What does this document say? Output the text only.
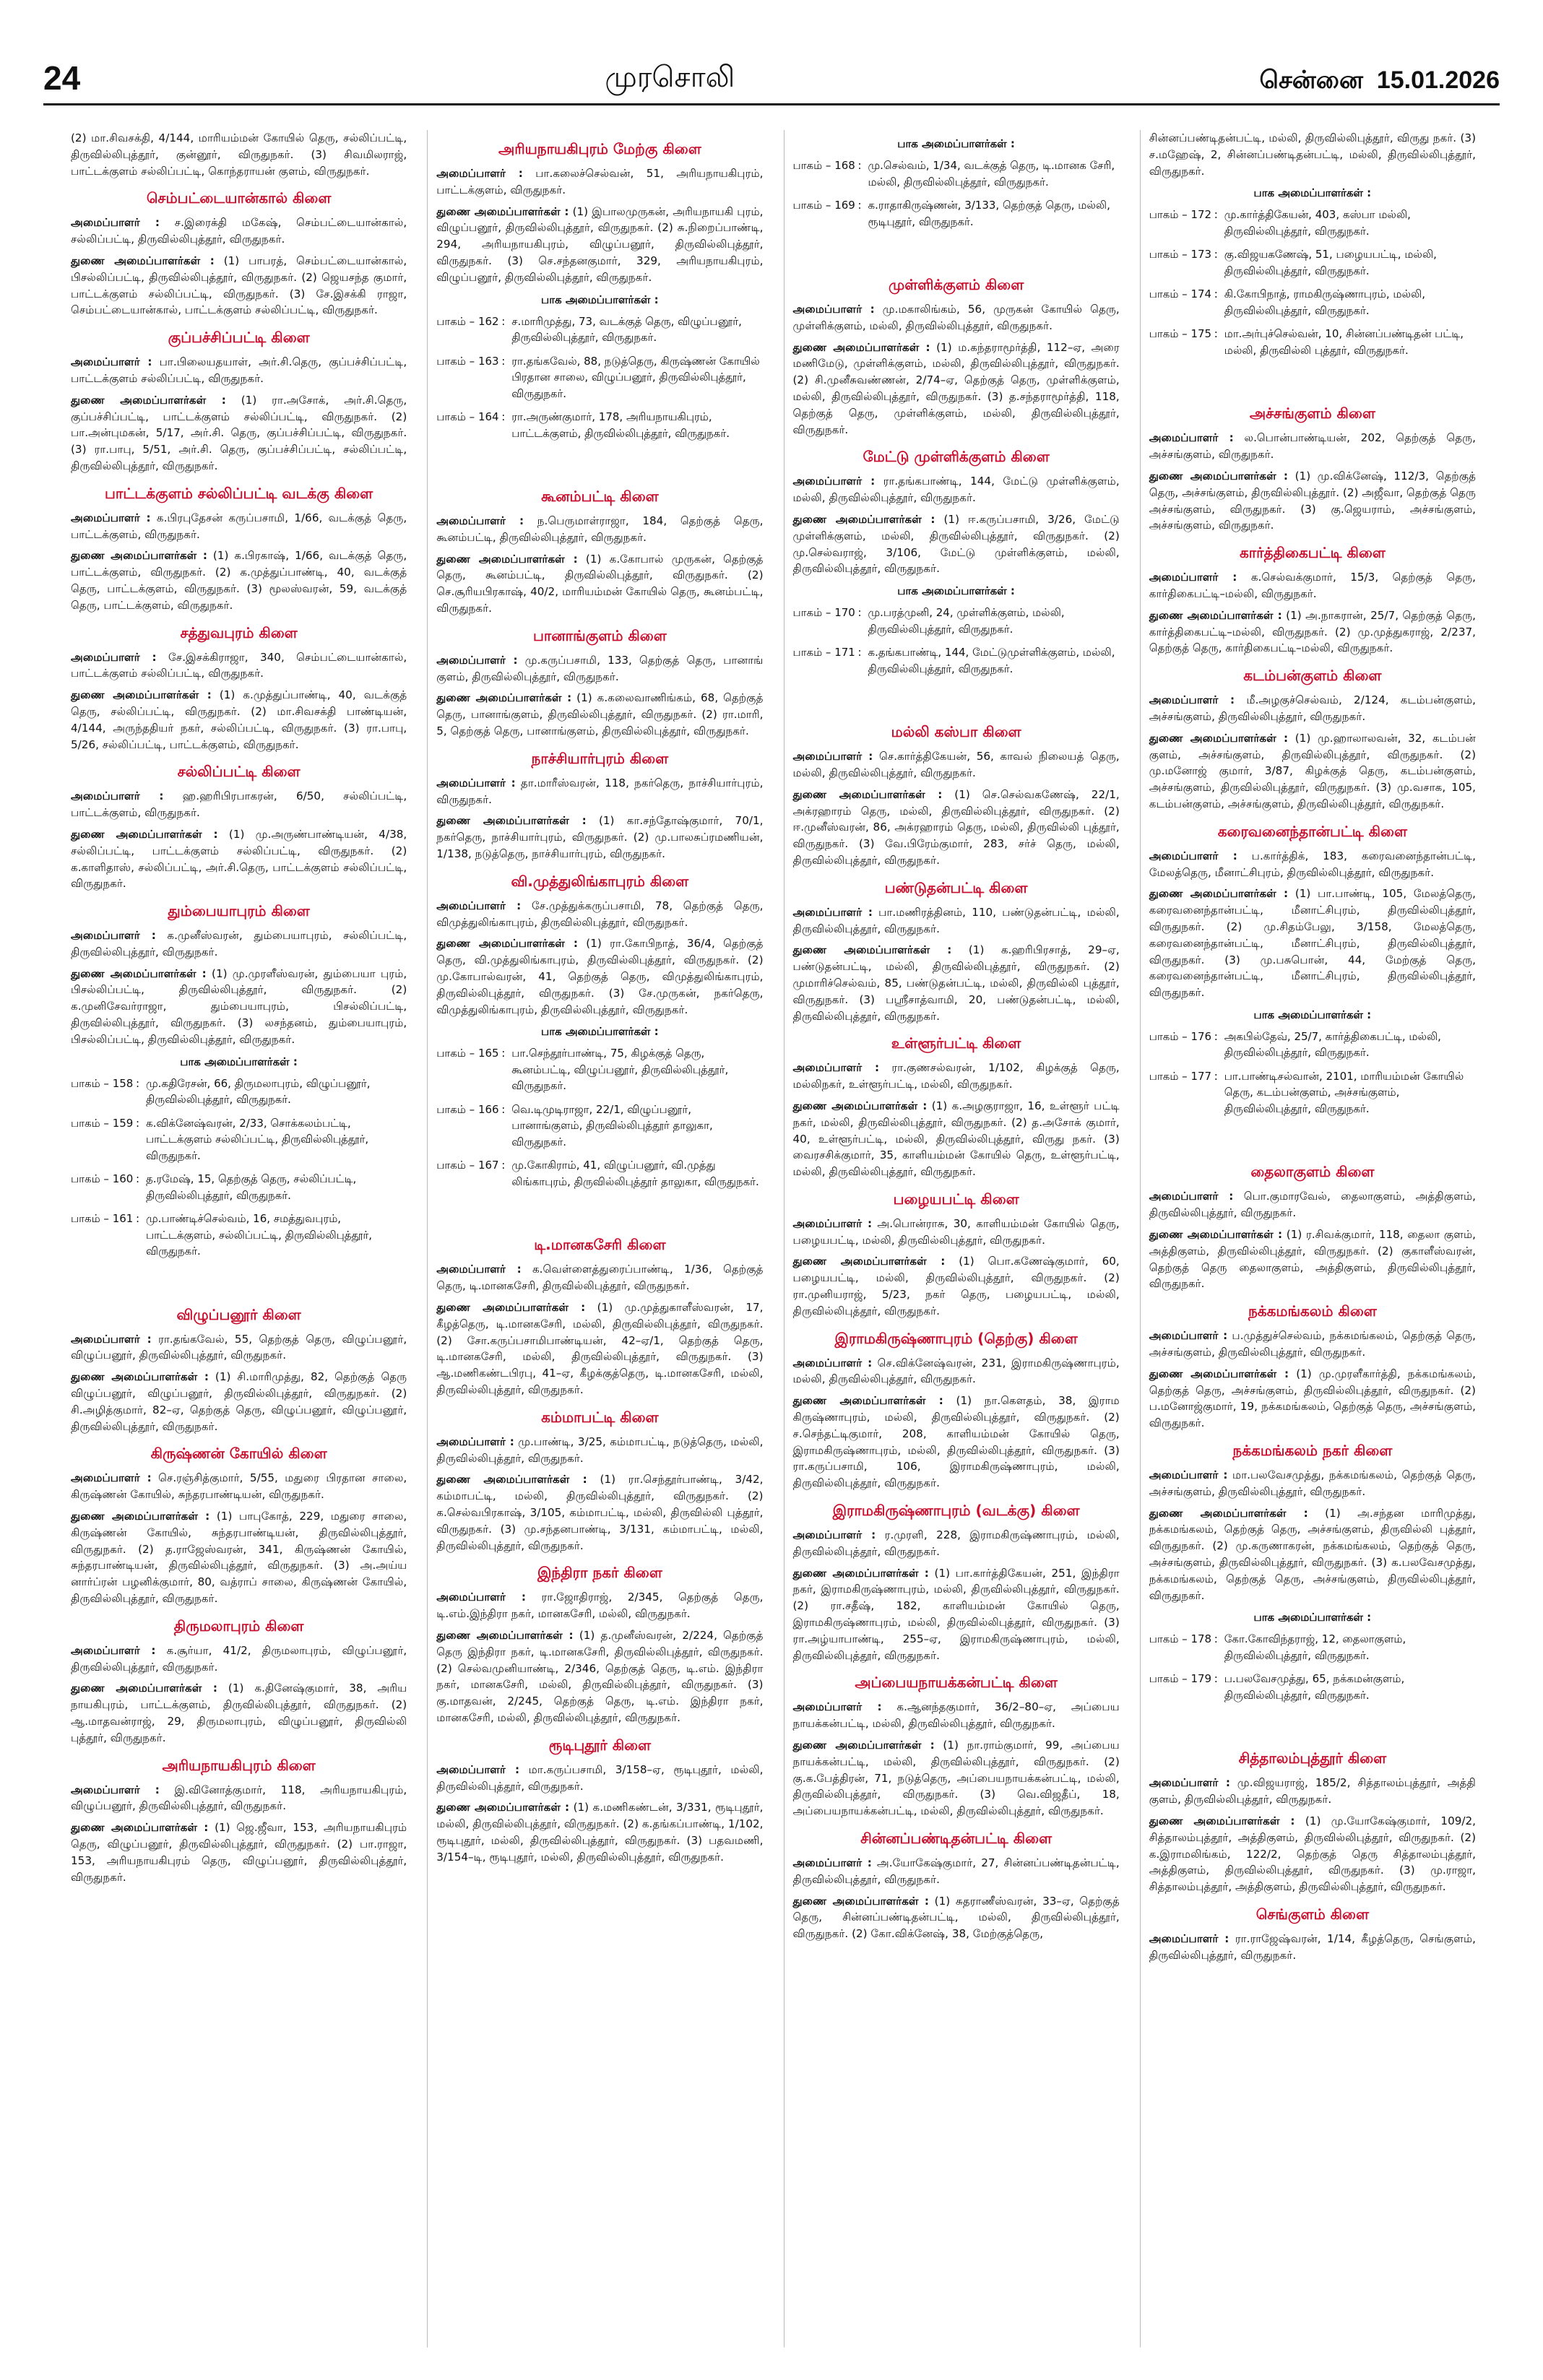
24	முரசொலி	சென்னை 15.01.2026

(2) மா.சிவசக்தி, 4/144, மாரியம்மன் கோயில் தெரு, சல்லிப்பட்டி, திருவில்லிபுத்தூர், குன்னூர், விருதுநகர். (3) சிவமிலராஜ், பாட்டக்குளம் சல்லிப்பட்டி, கொந்தராயன் குளம், விருதுநகர்.

செம்பட்டையான்கால் கிளை

அமைப்பாளர் : ச.இரைக்தி மகேஷ், செம்பட்டையான்கால், சல்லிப்பட்டி, திருவில்லிபுத்தூர், விருதுநகர்.

துணை அமைப்பாளர்கள் : (1) பாபரத், செம்பட்டையான்கால், பிசல்லிப்பட்டி, திருவில்லிபுத்தூர், விருதுநகர். (2) ஜெயசந்த குமார், பாட்டக்குளம் சல்லிப்பட்டி, விருதுநகர். (3) சே.இசக்கி ராஜா, செம்பட்டையான்கால், பாட்டக்குளம் சல்லிப்பட்டி, விருதுநகர்.

குப்பச்சிப்பட்டி கிளை

அமைப்பாளர் : பா.பிலையதயாள், அர்.சி.தெரு, குப்பச்சிப்பட்டி, பாட்டக்குளம் சல்லிப்பட்டி, விருதுநகர்.

துணை அமைப்பாளர்கள் : (1) ரா.அசோக், அர்.சி.தெரு, குப்பச்சிப்பட்டி, பாட்டக்குளம் சல்லிப்பட்டி, விருதுநகர். (2) பா.அன்புமகன், 5/17, அர்.சி. தெரு, குப்பச்சிப்பட்டி, விருதுநகர். (3) ரா.பாபு, 5/51, அர்.சி. தெரு, குப்பச்சிப்பட்டி, சல்லிப்பட்டி, திருவில்லிபுத்தூர், விருதுநகர்.

பாட்டக்குளம் சல்லிப்பட்டி வடக்கு கிளை

அமைப்பாளர் : க.பிரபுதேசன் கருப்பசாமி, 1/66, வடக்குத் தெரு, பாட்டக்குளம், விருதுநகர்.

துணை அமைப்பாளர்கள் : (1) க.பிரகாஷ், 1/66, வடக்குத் தெரு, பாட்டக்குளம், விருதுநகர். (2) க.முத்துப்பாண்டி, 40, வடக்குத் தெரு, பாட்டக்குளம், விருதுநகர். (3) மூலஸ்வரன், 59, வடக்குத் தெரு, பாட்டக்குளம், விருதுநகர்.

சத்துவபுரம் கிளை

அமைப்பாளர் : சே.இசக்கிராஜா, 340, செம்பட்டையான்கால், பாட்டக்குளம் சல்லிப்பட்டி, விருதுநகர்.

துணை அமைப்பாளர்கள் : (1) க.முத்துப்பாண்டி, 40, வடக்குத் தெரு, சல்லிப்பட்டி, விருதுநகர். (2) மா.சிவசக்தி பாண்டியன், 4/144, அருந்ததியர் நகர், சல்லிப்பட்டி, விருதுநகர். (3) ரா.பாபு, 5/26, சல்லிப்பட்டி, பாட்டக்குளம், விருதுநகர்.

சல்லிப்பட்டி கிளை

அமைப்பாளர் : ஹ.ஹரிபிரபாகரன், 6/50, சல்லிப்பட்டி, பாட்டக்குளம், விருதுநகர்.

துணை அமைப்பாளர்கள் : (1) மு.அருண்பாண்டியன், 4/38, சல்லிப்பட்டி, பாட்டக்குளம் சல்லிப்பட்டி, விருதுநகர். (2) க.காளிதாஸ், சல்லிப்பட்டி, அர்.சி.தெரு, பாட்டக்குளம் சல்லிப்பட்டி, விருதுநகர்.

தும்பையாபுரம் கிளை

அமைப்பாளர் : க.முனீஸ்வரன், தும்பையாபுரம், சல்லிப்பட்டி, திருவில்லிபுத்தூர், விருதுநகர்.

துணை அமைப்பாளர்கள் : (1) மு.முரளீஸ்வரன், தும்பையா புரம், பிசல்லிப்பட்டி, திருவில்லிபுத்தூர், விருதுநகர். (2) க.முனிசேவர்ராஜா, தும்பையாபுரம், பிசல்லிப்பட்டி, திருவில்லிபுத்தூர், விருதுநகர். (3) லசந்தனம், தும்பையாபுரம், பிசல்லிப்பட்டி, திருவில்லிபுத்தூர், விருதுநகர்.

பாக அமைப்பாளர்கள் :
பாகம் – 158 : மு.கதிரேசன், 66, திருமலாபுரம், விழுப்பனூர், திருவில்லிபுத்தூர், விருதுநகர்.
பாகம் – 159 : க.விக்னேஷ்வரன், 2/33, சொக்கலம்பட்டி, பாட்டக்குளம் சல்லிப்பட்டி, திருவில்லிபுத்தூர், விருதுநகர்.
பாகம் – 160 : த.ரமேஷ், 15, தெற்குத் தெரு, சல்லிப்பட்டி, திருவில்லிபுத்தூர், விருதுநகர்.
பாகம் – 161 : மு.பாண்டிச்செல்வம், 16, சமத்துவபுரம், பாட்டக்குளம், சல்லிப்பட்டி, திருவில்லிபுத்தூர், விருதுநகர்.
விழுப்பனூர் கிளை

அமைப்பாளர் : ரா.தங்கவேல், 55, தெற்குத் தெரு, விழுப்பனூர், விழுப்பனூர், திருவில்லிபுத்தூர், விருதுநகர்.

துணை அமைப்பாளர்கள் : (1) சி.மாரிமுத்து, 82, தெற்குத் தெரு விழுப்பனூர், விழுப்பனூர், திருவில்லிபுத்தூர், விருதுநகர். (2) சி.அழித்குமார், 82–ஏ, தெற்குத் தெரு, விழுப்பனூர், விழுப்பனூர், திருவில்லிபுத்தூர், விருதுநகர்.

கிருஷ்ணன் கோயில் கிளை

அமைப்பாளர் : செ.ரஞ்சித்குமார், 5/55, மதுரை பிரதான சாலை, கிருஷ்ணன் கோயில், சுந்தரபாண்டியன், விருதுநகர்.

துணை அமைப்பாளர்கள் : (1) பாபுகோத், 229, மதுரை சாலை, கிருஷ்ணன் கோயில், சுந்தரபாண்டியன், திருவில்லிபுத்தூர், விருதுநகர். (2) த.ராஜேஸ்வரன், 341, கிருஷ்ணன் கோயில், சுந்தரபாண்டியன், திருவில்லிபுத்தூர், விருதுநகர். (3) அ.அய்ய னார்ப்ரன் பழனிக்குமார், 80, வத்ராப் சாலை, கிருஷ்ணன் கோயில், திருவில்லிபுத்தூர், விருதுநகர்.

திருமலாபுரம் கிளை

அமைப்பாளர் : க.சூர்யா, 41/2, திருமலாபுரம், விழுப்பனூர், திருவில்லிபுத்தூர், விருதுநகர்.

துணை அமைப்பாளர்கள் : (1) க.தினேஷ்குமார், 38, அரிய நாயகிபுரம், பாட்டக்குளம், திருவில்லிபுத்தூர், விருதுநகர். (2) ஆ.மாதவன்ராஜ், 29, திருமலாபுரம், விழுப்பனூர், திருவில்லி புத்தூர், விருதுநகர்.

அரியநாயகிபுரம் கிளை

அமைப்பாளர் : இ.வினோத்குமார், 118, அரியநாயகிபுரம், விழுப்பனூர், திருவில்லிபுத்தூர், விருதுநகர்.

துணை அமைப்பாளர்கள் : (1) ஜெ.ஜீவா, 153, அரியநாயகிபுரம் தெரு, விழுப்பனூர், திருவில்லிபுத்தூர், விருதுநகர். (2) பா.ராஜா, 153, அரியநாயகிபுரம் தெரு, விழுப்பனூர், திருவில்லிபுத்தூர், விருதுநகர்.

அரியநாயகிபுரம் மேற்கு கிளை

அமைப்பாளர் : பா.கலைச்செல்வன், 51, அரியநாயகிபுரம், பாட்டக்குளம், விருதுநகர்.

துணை அமைப்பாளர்கள் : (1) இபாலமுருகன், அரியநாயகி புரம், விழுப்பனூர், திருவில்லிபுத்தூர், விருதுநகர். (2) சு.நிறைப்பாண்டி, 294, அரியநாயகிபுரம், விழுப்பனூர், திருவில்லிபுத்தூர், விருதுநகர். (3) செ.சந்தனகுமார், 329, அரியநாயகிபுரம், விழுப்பனூர், திருவில்லிபுத்தூர், விருதுநகர்.

பாக அமைப்பாளர்கள் :
பாகம் – 162 : ச.மாரிமுத்து, 73, வடக்குத் தெரு, விழுப்பனூர், திருவில்லிபுத்தூர், விருதுநகர்.
பாகம் – 163 : ரா.தங்கவேல், 88, நடுத்தெரு, கிருஷ்ணன் கோயில் பிரதான சாலை, விழுப்பனூர், திருவில்லிபுத்தூர், விருதுநகர்.
பாகம் – 164 : ரா.அருண்குமார், 178, அரியநாயகிபுரம், பாட்டக்குளம், திருவில்லிபுத்தூர், விருதுநகர்.
கூனம்பட்டி கிளை

அமைப்பாளர் : ந.பெருமாள்ராஜா, 184, தெற்குத் தெரு, கூனம்பட்டி, திருவில்லிபுத்தூர், விருதுநகர்.

துணை அமைப்பாளர்கள் : (1) க.கோபால் முருகன், தெற்குத் தெரு, கூனம்பட்டி, திருவில்லிபுத்தூர், விருதுநகர். (2) செ.சூரியபிரகாஷ், 40/2, மாரியம்மன் கோயில் தெரு, கூனம்பட்டி, விருதுநகர்.

பானாங்குளம் கிளை

அமைப்பாளர் : மு.கருப்பசாமி, 133, தெற்குத் தெரு, பானாங் குளம், திருவில்லிபுத்தூர், விருதுநகர்.

துணை அமைப்பாளர்கள் : (1) க.கலைவாணிங்கம், 68, தெற்குத் தெரு, பானாங்குளம், திருவில்லிபுத்தூர், விருதுநகர். (2) ரா.மாரி, 5, தெற்குத் தெரு, பானாங்குளம், திருவில்லிபுத்தூர், விருதுநகர்.

நாச்சியார்புரம் கிளை

அமைப்பாளர் : தா.மாரீஸ்வரன், 118, நகர்தெரு, நாச்சியார்புரம், விருதுநகர்.

துணை அமைப்பாளர்கள் : (1) கா.சந்தோஷ்குமார், 70/1, நகர்தெரு, நாச்சியார்புரம், விருதுநகர். (2) மு.பாலசுப்ரமணியன், 1/138, நடுத்தெரு, நாச்சியார்புரம், விருதுநகர்.

வி.முத்துலிங்காபுரம் கிளை

அமைப்பாளர் : சே.முத்துக்கருப்பசாமி, 78, தெற்குத் தெரு, விமுத்துலிங்காபுரம், திருவில்லிபுத்தூர், விருதுநகர்.

துணை அமைப்பாளர்கள் : (1) ரா.கோபிநாத், 36/4, தெற்குத் தெரு, வி.முத்துலிங்காபுரம், திருவில்லிபுத்தூர், விருதுநகர். (2) மு.கோபால்வரன், 41, தெற்குத் தெரு, விமுத்துலிங்காபுரம், திருவில்லிபுத்தூர், விருதுநகர். (3) சே.முருகன், நகர்தெரு, விமுத்துலிங்காபுரம், திருவில்லிபுத்தூர், விருதுநகர்.

பாக அமைப்பாளர்கள் :
பாகம் – 165 : பா.செந்தூர்பாண்டி, 75, கிழக்குத் தெரு, கூனம்பட்டி, விழுப்பனூர், திருவில்லிபுத்தூர், விருதுநகர்.
பாகம் – 166 : வெ.டிமுடிராஜா, 22/1, விழுப்பனூர், பானாங்குளம், திருவில்லிபுத்தூர் தாலுகா, விருதுநகர்.
பாகம் – 167 : மு.கோகிராம், 41, விழுப்பனூர், வி.முத்து லிங்காபுரம், திருவில்லிபுத்தூர் தாலுகா, விருதுநகர்.
டி.மானகசேரி கிளை

அமைப்பாளர் : க.வெள்ளைத்துரைப்பாண்டி, 1/36, தெற்குத் தெரு, டி.மானகசேரி, திருவில்லிபுத்தூர், விருதுநகர்.

துணை அமைப்பாளர்கள் : (1) மு.முத்துகாளீஸ்வரன், 17, கீழத்தெரு, டி.மானகசேரி, மல்லி, திருவில்லிபுத்தூர், விருதுநகர். (2) சோ.கருப்பசாமிபாண்டியன், 42–ஏ/1, தெற்குத் தெரு, டி.மானகசேரி, மல்லி, திருவில்லிபுத்தூர், விருதுநகர். (3) ஆ.மணிகண்டபிரபு, 41–ஏ, கீழக்குத்தெரு, டி.மானகசேரி, மல்லி, திருவில்லிபுத்தூர், விருதுநகர்.

கம்மாபட்டி கிளை

அமைப்பாளர் : மு.பாண்டி, 3/25, கம்மாபட்டி, நடுத்தெரு, மல்லி, திருவில்லிபுத்தூர், விருதுநகர்.

துணை அமைப்பாளர்கள் : (1) ரா.செந்தூர்பாண்டி, 3/42, கம்மாபட்டி, மல்லி, திருவில்லிபுத்தூர், விருதுநகர். (2) க.செல்வபிரகாஷ், 3/105, கம்மாபட்டி, மல்லி, திருவில்லி புத்தூர், விருதுநகர். (3) மு.சந்தனபாண்டி, 3/131, கம்மாபட்டி, மல்லி, திருவில்லிபுத்தூர், விருதுநகர்.

இந்திரா நகர் கிளை

அமைப்பாளர் : ரா.ஜோதிராஜ், 2/345, தெற்குத் தெரு, டி.எம்.இந்திரா நகர், மானகசேரி, மல்லி, விருதுநகர்.

துணை அமைப்பாளர்கள் : (1) த.முனீஸ்வரன், 2/224, தெற்குத் தெரு இந்திரா நகர், டி.மானகசேரி, திருவில்லிபுத்தூர், விருதுநகர். (2) செல்வமுனியாண்டி, 2/346, தெற்குத் தெரு, டி.எம். இந்திரா நகர், மானகசேரி, மல்லி, திருவில்லிபுத்தூர், விருதுநகர். (3) கு.மாதவன், 2/245, தெற்குத் தெரு, டி.எம். இந்திரா நகர், மானகசேரி, மல்லி, திருவில்லிபுத்தூர், விருதுநகர்.

ரூடிபுதூர் கிளை

அமைப்பாளர் : மா.கருப்பசாமி, 3/158–ஏ, ரூடிபுதூர், மல்லி, திருவில்லிபுத்தூர், விருதுநகர்.

துணை அமைப்பாளர்கள் : (1) க.மணிகண்டன், 3/331, ரூடிபுதூர், மல்லி, திருவில்லிபுத்தூர், விருதுநகர். (2) க.தங்கப்பாண்டி, 1/102, ரூடிபுதூர், மல்லி, திருவில்லிபுத்தூர், விருதுநகர். (3) பதவமணி, 3/154–டி, ரூடிபுதூர், மல்லி, திருவில்லிபுத்தூர், விருதுநகர்.

பாக அமைப்பாளர்கள் :
பாகம் – 168 : மு.செல்வம், 1/34, வடக்குத் தெரு, டி.மானக சேரி, மல்லி, திருவில்லிபுத்தூர், விருதுநகர்.
பாகம் – 169 : க.ராதாகிருஷ்ணன், 3/133, தெற்குத் தெரு, மல்லி, ரூடிபுதூர், விருதுநகர்.
முள்ளிக்குளம் கிளை

அமைப்பாளர் : மு.மகாலிங்கம், 56, முருகன் கோயில் தெரு, முள்ளிக்குளம், மல்லி, திருவில்லிபுத்தூர், விருதுநகர்.

துணை அமைப்பாளர்கள் : (1) ம.கந்தராமூர்த்தி, 112–ஏ, அரை மணிமேடு, முள்ளிக்குளம், மல்லி, திருவில்லிபுத்தூர், விருதுநகர். (2) சி.முனீசுவண்ணன், 2/74–ஏ, தெற்குத் தெரு, முள்ளிக்குளம், மல்லி, திருவில்லிபுத்தூர், விருதுநகர். (3) த.சந்தராமூர்த்தி, 118, தெற்குத் தெரு, முள்ளிக்குளம், மல்லி, திருவில்லிபுத்தூர், விருதுநகர்.

மேட்டு முள்ளிக்குளம் கிளை

அமைப்பாளர் : ரா.தங்கபாண்டி, 144, மேட்டு முள்ளிக்குளம், மல்லி, திருவில்லிபுத்தூர், விருதுநகர்.

துணை அமைப்பாளர்கள் : (1) ஈ.கருப்பசாமி, 3/26, மேட்டு முள்ளிக்குளம், மல்லி, திருவில்லிபுத்தூர், விருதுநகர். (2) மு.செல்வராஜ், 3/106, மேட்டு முள்ளிக்குளம், மல்லி, திருவில்லிபுத்தூர், விருதுநகர்.

பாக அமைப்பாளர்கள் :
பாகம் – 170 : மு.பரத்முனி, 24, முள்ளிக்குளம், மல்லி, திருவில்லிபுத்தூர், விருதுநகர்.
பாகம் – 171 : க.தங்கபாண்டி, 144, மேட்டுமுள்ளிக்குளம், மல்லி, திருவில்லிபுத்தூர், விருதுநகர்.
மல்லி கஸ்பா கிளை

அமைப்பாளர் : செ.கார்த்திகேயன், 56, காவல் நிலையத் தெரு, மல்லி, திருவில்லிபுத்தூர், விருதுநகர்.

துணை அமைப்பாளர்கள் : (1) செ.செல்வகணேஷ், 22/1, அக்ரஹாரம் தெரு, மல்லி, திருவில்லிபுத்தூர், விருதுநகர். (2) ஈ.முனீஸ்வரன், 86, அக்ரஹாரம் தெரு, மல்லி, திருவில்லி புத்தூர், விருதுநகர். (3) வே.பிரேம்குமார், 283, சர்ச் தெரு, மல்லி, திருவில்லிபுத்தூர், விருதுநகர்.

பண்டுதன்பட்டி கிளை

அமைப்பாளர் : பா.மணிரத்தினம், 110, பண்டுதன்பட்டி, மல்லி, திருவில்லிபுத்தூர், விருதுநகர்.

துணை அமைப்பாளர்கள் : (1) க.ஹரிபிரசாத், 29–ஏ, பண்டுதன்பட்டி, மல்லி, திருவில்லிபுத்தூர், விருதுநகர். (2) முமாரிச்செல்வம், 85, பண்டுதன்பட்டி, மல்லி, திருவில்லி புத்தூர், விருதுநகர். (3) பஸ்ரீசாத்வாமி, 20, பண்டுதன்பட்டி, மல்லி, திருவில்லிபுத்தூர், விருதுநகர்.

உள்ளூர்பட்டி கிளை

அமைப்பாளர் : ரா.குணசல்வரன், 1/102, கிழக்குத் தெரு, மல்லிநகர், உள்ளூர்பட்டி, மல்லி, விருதுநகர்.

துணை அமைப்பாளர்கள் : (1) க.அழகுராஜா, 16, உள்ளூர் பட்டி நகர், மல்லி, திருவில்லிபுத்தூர், விருதுநகர். (2) த.அசோக் குமார், 40, உள்ளூர்பட்டி, மல்லி, திருவில்லிபுத்தூர், விருது நகர். (3) வைரசசிக்குமார், 35, காளியம்மன் கோயில் தெரு, உள்ளூர்பட்டி, மல்லி, திருவில்லிபுத்தூர், விருதுநகர்.

பழையபட்டி கிளை

அமைப்பாளர் : அ.பொன்ராசு, 30, காளியம்மன் கோயில் தெரு, பழையபட்டி, மல்லி, திருவில்லிபுத்தூர், விருதுநகர்.

துணை அமைப்பாளர்கள் : (1) பொ.கணேஷ்குமார், 60, பழையபட்டி, மல்லி, திருவில்லிபுத்தூர், விருதுநகர். (2) ரா.முனியராஜ், 5/23, நகர் தெரு, பழையபட்டி, மல்லி, திருவில்லிபுத்தூர், விருதுநகர்.

இராமகிருஷ்ணாபுரம் (தெற்கு) கிளை

அமைப்பாளர் : செ.விக்னேஷ்வரன், 231, இராமகிருஷ்ணாபுரம், மல்லி, திருவில்லிபுத்தூர், விருதுநகர்.

துணை அமைப்பாளர்கள் : (1) நா.கௌதம், 38, இராம கிருஷ்ணாபுரம், மல்லி, திருவில்லிபுத்தூர், விருதுநகர். (2) ச.செந்தட்டிகுமார், 208, காளியம்மன் கோயில் தெரு, இராமகிருஷ்ணாபுரம், மல்லி, திருவில்லிபுத்தூர், விருதுநகர். (3) ரா.கருப்பசாமி, 106, இராமகிருஷ்ணாபுரம், மல்லி, திருவில்லிபுத்தூர், விருதுநகர்.

இராமகிருஷ்ணாபுரம் (வடக்கு) கிளை

அமைப்பாளர் : ர.முரளி, 228, இராமகிருஷ்ணாபுரம், மல்லி, திருவில்லிபுத்தூர், விருதுநகர்.

துணை அமைப்பாளர்கள் : (1) பா.கார்த்திகேயன், 251, இந்திரா நகர், இராமகிருஷ்ணாபுரம், மல்லி, திருவில்லிபுத்தூர், விருதுநகர். (2) ரா.சதீஷ், 182, காளியம்மன் கோயில் தெரு, இராமகிருஷ்ணாபுரம், மல்லி, திருவில்லிபுத்தூர், விருதுநகர். (3) ரா.அழ்யாபாண்டி, 255–ஏ, இராமகிருஷ்ணாபுரம், மல்லி, திருவில்லிபுத்தூர், விருதுநகர்.

அப்பையநாயக்கன்பட்டி கிளை

அமைப்பாளர் : க.ஆனந்தகுமார், 36/2–80–ஏ, அப்பைய நாயக்கன்பட்டி, மல்லி, திருவில்லிபுத்தூர், விருதுநகர்.

துணை அமைப்பாளர்கள் : (1) நா.ராம்குமார், 99, அப்பைய நாயக்கன்பட்டி, மல்லி, திருவில்லிபுத்தூர், விருதுநகர். (2) கு.க.பேத்திரன், 71, நடுத்தெரு, அப்பையநாயக்கன்பட்டி, மல்லி, திருவில்லிபுத்தூர், விருதுநகர். (3) வெ.விஜதீப், 18, அப்பையநாயக்கன்பட்டி, மல்லி, திருவில்லிபுத்தூர், விருதுநகர்.

சின்னப்பண்டிதன்பட்டி கிளை

அமைப்பாளர் : அ.யோகேஷ்குமார், 27, சின்னப்பண்டிதன்பட்டி, திருவில்லிபுத்தூர், விருதுநகர்.

துணை அமைப்பாளர்கள் : (1) சுதராணீஸ்வரன், 33–ஏ, தெற்குத் தெரு, சின்னப்பண்டிதன்பட்டி, மல்லி, திருவில்லிபுத்தூர், விருதுநகர். (2) கோ.விக்னேஷ், 38, மேற்குத்தெரு,

சின்னப்பண்டிதன்பட்டி, மல்லி, திருவில்லிபுத்தூர், விருது நகர். (3) ச.மஹேஷ், 2, சின்னப்பண்டிதன்பட்டி, மல்லி, திருவில்லிபுத்தூர், விருதுநகர்.

பாக அமைப்பாளர்கள் :
பாகம் – 172 : மு.கார்த்திகேயன், 403, கஸ்பா மல்லி, திருவில்லிபுத்தூர், விருதுநகர்.
பாகம் – 173 : கு.விஜயகணேஷ், 51, பழையபட்டி, மல்லி, திருவில்லிபுத்தூர், விருதுநகர்.
பாகம் – 174 : கி.கோபிநாத், ராமகிருஷ்ணாபுரம், மல்லி, திருவில்லிபுத்தூர், விருதுநகர்.
பாகம் – 175 : மா.அர்புச்செல்வன், 10, சின்னப்பண்டிதன் பட்டி, மல்லி, திருவில்லி புத்தூர், விருதுநகர்.
அச்சங்குளம் கிளை

அமைப்பாளர் : ல.பொன்பாண்டியன், 202, தெற்குத் தெரு, அச்சங்குளம், விருதுநகர்.

துணை அமைப்பாளர்கள் : (1) மு.விக்னேஷ், 112/3, தெற்குத் தெரு, அச்சங்குளம், திருவில்லிபுத்தூர். (2) அஜீவா, தெற்குத் தெரு அச்சங்குளம், விருதுநகர். (3) கு.ஜெயராம், அச்சங்குளம், அச்சங்குளம், விருதுநகர்.

கார்த்திகைபட்டி கிளை

அமைப்பாளர் : க.செல்வக்குமார், 15/3, தெற்குத் தெரு, கார்திகைபட்டி–மல்லி, விருதுநகர்.

துணை அமைப்பாளர்கள் : (1) அ.நாகரான், 25/7, தெற்குத் தெரு, கார்த்திகைபட்டி–மல்லி, விருதுநகர். (2) மு.முத்துகராஜ், 2/237, தெற்குத் தெரு, கார்திகைபட்டி–மல்லி, விருதுநகர்.

கடம்பன்குளம் கிளை

அமைப்பாளர் : மீ.அழகுச்செல்வம், 2/124, கடம்பன்குளம், அச்சங்குளம், திருவில்லிபுத்தூர், விருதுநகர்.

துணை அமைப்பாளர்கள் : (1) மு.ஹாலாலவன், 32, கடம்பன் குளம், அச்சங்குளம், திருவில்லிபுத்தூர், விருதுநகர். (2) மு.மனோஜ் குமார், 3/87, கிழக்குத் தெரு, கடம்பன்குளம், அச்சங்குளம், திருவில்லிபுத்தூர், விருதுநகர். (3) மு.வசாக, 105, கடம்பன்குளம், அச்சங்குளம், திருவில்லிபுத்தூர், விருதுநகர்.

கரைவனைந்தான்பட்டி கிளை

அமைப்பாளர் : ப.கார்த்திக், 183, கரைவனைந்தான்பட்டி, மேலத்தெரு, மீனாட்சிபுரம், திருவில்லிபுத்தூர், விருதுநகர்.

துணை அமைப்பாளர்கள் : (1) பா.பாண்டி, 105, மேலத்தெரு, கரைவனைந்தான்பட்டி, மீனாட்சிபுரம், திருவில்லிபுத்தூர், விருதுநகர். (2) மு.சிதம்பேலு, 3/158, மேலத்தெரு, கரைவனைந்தான்பட்டி, மீனாட்சிபுரம், திருவில்லிபுத்தூர், விருதுநகர். (3) மு.பசுபொன், 44, மேற்குத் தெரு, கரைவனைந்தான்பட்டி, மீனாட்சிபுரம், திருவில்லிபுத்தூர், விருதுநகர்.

பாக அமைப்பாளர்கள் :
பாகம் – 176 : அகபில்தேவ், 25/7, கார்த்திகைபட்டி, மல்லி, திருவில்லிபுத்தூர், விருதுநகர்.
பாகம் – 177 : பா.பாண்டிசல்வான், 2101, மாரியம்மன் கோயில் தெரு, கடம்பன்குளம், அச்சங்குளம், திருவில்லிபுத்தூர், விருதுநகர்.
தைலாகுளம் கிளை

அமைப்பாளர் : பொ.குமாரவேல், தைலாகுளம், அத்திகுளம், திருவில்லிபுத்தூர், விருதுநகர்.

துணை அமைப்பாளர்கள் : (1) ர.சிவக்குமார், 118, தைலா குளம், அத்திகுளம், திருவில்லிபுத்தூர், விருதுநகர். (2) குகாளீஸ்வரன், தெற்குத் தெரு தைலாகுளம், அத்திகுளம், திருவில்லிபுத்தூர், விருதுநகர்.

நக்கமங்கலம் கிளை

அமைப்பாளர் : ப.முத்துச்செல்வம், நக்கமங்கலம், தெற்குத் தெரு, அச்சங்குளம், திருவில்லிபுத்தூர், விருதுநகர்.

துணை அமைப்பாளர்கள் : (1) மு.முரளீகார்த்தி, நக்கமங்கலம், தெற்குத் தெரு, அச்சங்குளம், திருவில்லிபுத்தூர், விருதுநகர். (2) ப.மனோஜ்குமார், 19, நக்கமங்கலம், தெற்குத் தெரு, அச்சங்குளம், விருதுநகர்.

நக்கமங்கலம் நகர் கிளை

அமைப்பாளர் : மா.பலவேசமுத்து, நக்கமங்கலம், தெற்குத் தெரு, அச்சங்குளம், திருவில்லிபுத்தூர், விருதுநகர்.

துணை அமைப்பாளர்கள் : (1) அ.சந்தன மாரிமுத்து, நக்கமங்கலம், தெற்குத் தெரு, அச்சங்குளம், திருவில்லி புத்தூர், விருதுநகர். (2) மு.கருணாகரன், நக்கமங்கலம், தெற்குத் தெரு, அச்சங்குளம், திருவில்லிபுத்தூர், விருதுநகர். (3) க.பலவேசமுத்து, நக்கமங்கலம், தெற்குத் தெரு, அச்சங்குளம், திருவில்லிபுத்தூர், விருதுநகர்.

பாக அமைப்பாளர்கள் :
பாகம் – 178 : கோ.கோவிந்தராஜ், 12, தைலாகுளம், திருவில்லிபுத்தூர், விருதுநகர்.
பாகம் – 179 : ப.பலவேசமுத்து, 65, நக்கமன்குளம், திருவில்லிபுத்தூர், விருதுநகர்.
சித்தாலம்புத்தூர் கிளை

அமைப்பாளர் : மு.விஜயராஜ், 185/2, சித்தாலம்புத்தூர், அத்தி குளம், திருவில்லிபுத்தூர், விருதுநகர்.

துணை அமைப்பாளர்கள் : (1) மு.யோகேஷ்குமார், 109/2, சித்தாலம்புத்தூர், அத்திகுளம், திருவில்லிபுத்தூர், விருதுநகர். (2) க.இராமலிங்கம், 122/2, தெற்குத் தெரு சித்தாலம்புத்தூர், அத்திகுளம், திருவில்லிபுத்தூர், விருதுநகர். (3) மு.ராஜா, சித்தாலம்புத்தூர், அத்திகுளம், திருவில்லிபுத்தூர், விருதுநகர்.

செங்குளம் கிளை

அமைப்பாளர் : ரா.ராஜேஷ்வரன், 1/14, கீழத்தெரு, செங்குளம், திருவில்லிபுத்தூர், விருதுநகர்.
